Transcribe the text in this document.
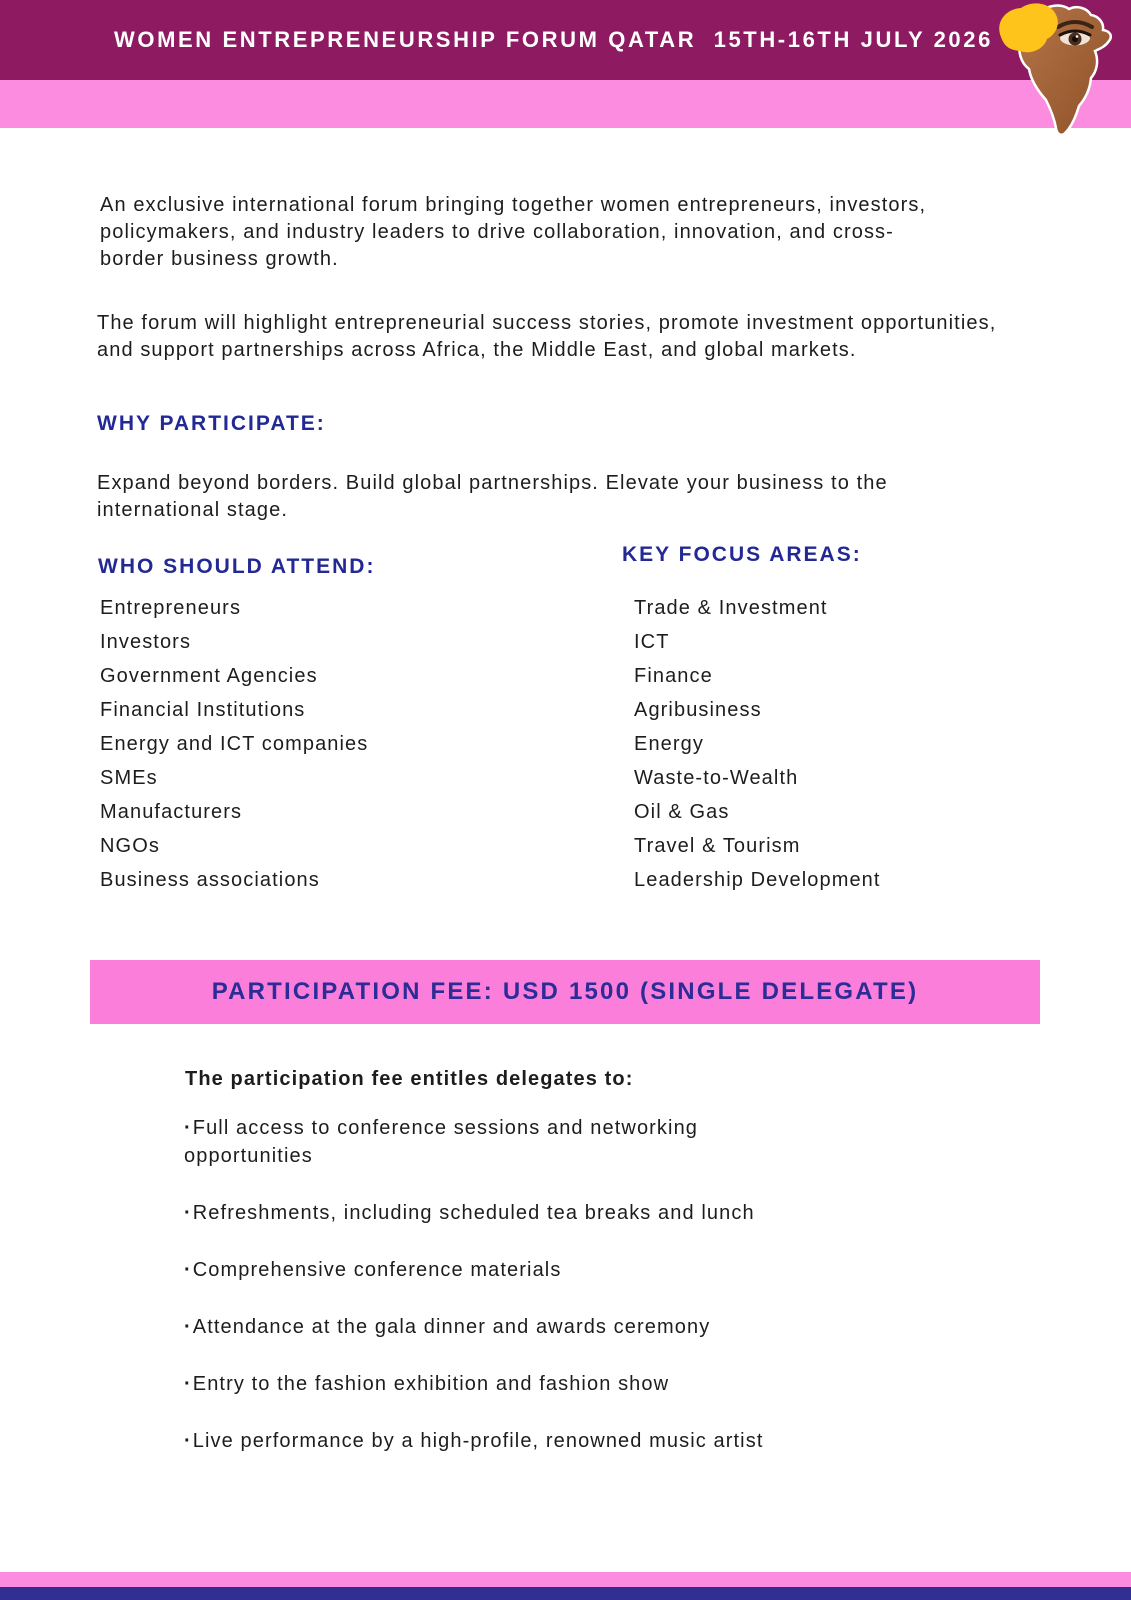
WOMEN ENTREPRENEURSHIP FORUM QATAR  15TH-16TH JULY 2026

An exclusive international forum bringing together women entrepreneurs, investors, policymakers, and industry leaders to drive collaboration, innovation, and cross-border business growth.

The forum will highlight entrepreneurial success stories, promote investment opportunities, and support partnerships across Africa, the Middle East, and global markets.

WHY PARTICIPATE:

Expand beyond borders. Build global partnerships. Elevate your business to the international stage.

WHO SHOULD ATTEND:
Entrepreneurs
Investors
Government Agencies
Financial Institutions
Energy and ICT companies
SMEs
Manufacturers
NGOs
Business associations
KEY FOCUS AREAS:
Trade & Investment
ICT
Finance
Agribusiness
Energy
Waste-to-Wealth
Oil & Gas
Travel & Tourism
Leadership Development
PARTICIPATION FEE: USD 1500 (SINGLE DELEGATE)

The participation fee entitles delegates to:

·Full access to conference sessions and networking opportunities

·Refreshments, including scheduled tea breaks and lunch

·Comprehensive conference materials

·Attendance at the gala dinner and awards ceremony

·Entry to the fashion exhibition and fashion show

·Live performance by a high-profile, renowned music artist
